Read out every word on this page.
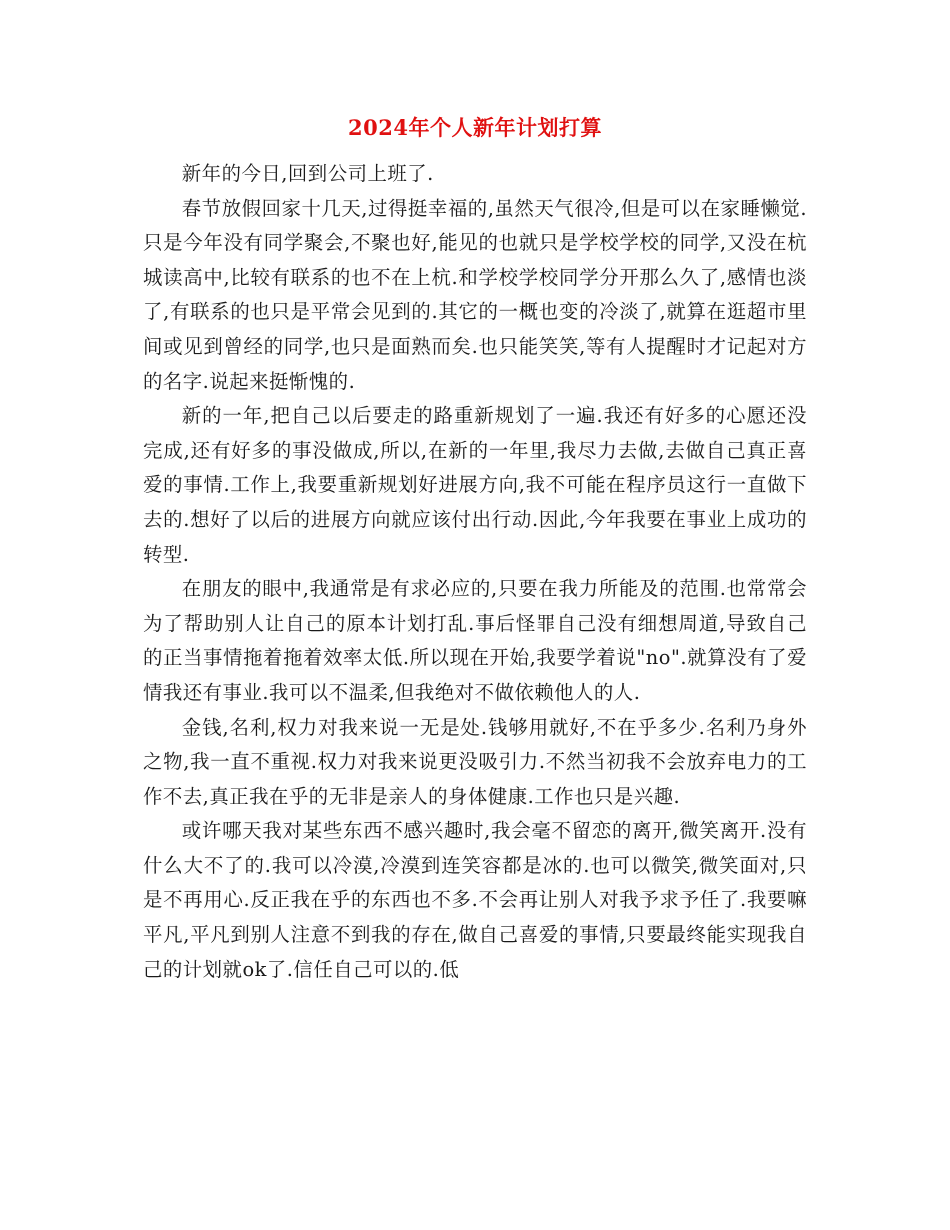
2024年个人新年计划打算

新年的今日,回到公司上班了.

春节放假回家十几天,过得挺幸福的,虽然天气很冷,但是可以在家睡懒觉.只是今年没有同学聚会,不聚也好,能见的也就只是学校学校的同学,又没在杭城读高中,比较有联系的也不在上杭.和学校学校同学分开那么久了,感情也淡了,有联系的也只是平常会见到的.其它的一概也变的冷淡了,就算在逛超市里间或见到曾经的同学,也只是面熟而矣.也只能笑笑,等有人提醒时才记起对方的名字.说起来挺惭愧的.

新的一年,把自己以后要走的路重新规划了一遍.我还有好多的心愿还没完成,还有好多的事没做成,所以,在新的一年里,我尽力去做,去做自己真正喜爱的事情.工作上,我要重新规划好进展方向,我不可能在程序员这行一直做下去的.想好了以后的进展方向就应该付出行动.因此,今年我要在事业上成功的转型.

在朋友的眼中,我通常是有求必应的,只要在我力所能及的范围.也常常会为了帮助别人让自己的原本计划打乱.事后怪罪自己没有细想周道,导致自己的正当事情拖着拖着效率太低.所以现在开始,我要学着说"no".就算没有了爱情我还有事业.我可以不温柔,但我绝对不做依赖他人的人.

金钱,名利,权力对我来说一无是处.钱够用就好,不在乎多少.名利乃身外之物,我一直不重视.权力对我来说更没吸引力.不然当初我不会放弃电力的工作不去,真正我在乎的无非是亲人的身体健康.工作也只是兴趣.

或许哪天我对某些东西不感兴趣时,我会毫不留恋的离开,微笑离开.没有什么大不了的.我可以冷漠,冷漠到连笑容都是冰的.也可以微笑,微笑面对,只是不再用心.反正我在乎的东西也不多.不会再让别人对我予求予任了.我要嘛平凡,平凡到别人注意不到我的存在,做自己喜爱的事情,只要最终能实现我自己的计划就ok了.信任自己可以的.低
